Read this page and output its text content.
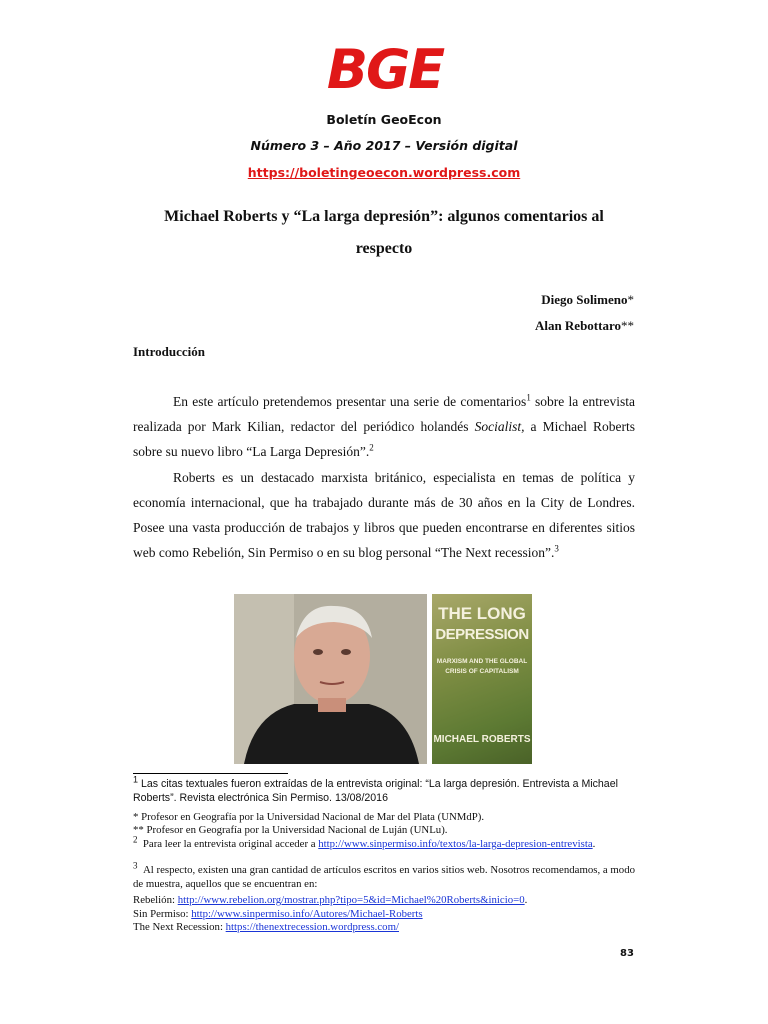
BGE
Boletín GeoEcon
Número 3 – Año 2017 – Versión digital
https://boletingeoecon.wordpress.com
Michael Roberts y “La larga depresión”: algunos comentarios al
respecto
Diego Solimeno*
Alan Rebottaro**
Introducción

En este artículo pretendemos presentar una serie de comentarios$^1$ sobre la entrevista realizada por Mark Kilian, redactor del periódico holandés Socialist, a Michael Roberts sobre su nuevo libro “La Larga Depresión”.$^2$

Roberts es un destacado marxista británico, especialista en temas de política y economía internacional, que ha trabajado durante más de 30 años en la City de Londres. Posee una vasta producción de trabajos y libros que pueden encontrarse en diferentes sitios web como Rebelión, Sin Permiso o en su blog personal “The Next recession”.$^3$

THE LONG
DEPRESSION
MARXISM AND THE GLOBAL
CRISIS OF CAPITALISM
MICHAEL ROBERTS
$^1$ Las citas textuales fueron extraídas de la entrevista original: “La larga depresión. Entrevista a Michael Roberts”. Revista electrónica Sin Permiso. 13/08/2016
* Profesor en Geografía por la Universidad Nacional de Mar del Plata (UNMdP).
** Profesor en Geografía por la Universidad Nacional de Luján (UNLu).
$^2$ Para leer la entrevista original acceder a http://www.sinpermiso.info/textos/la-larga-depresion-entrevista.
$^3$ Al respecto, existen una gran cantidad de artículos escritos en varios sitios web. Nosotros recomendamos, a modo de muestra, aquellos que se encuentran en:
Rebelión: http://www.rebelion.org/mostrar.php?tipo=5&id=Michael%20Roberts&inicio=0.
Sin Permiso: http://www.sinpermiso.info/Autores/Michael-Roberts
The Next Recession: https://thenextrecession.wordpress.com/
83
